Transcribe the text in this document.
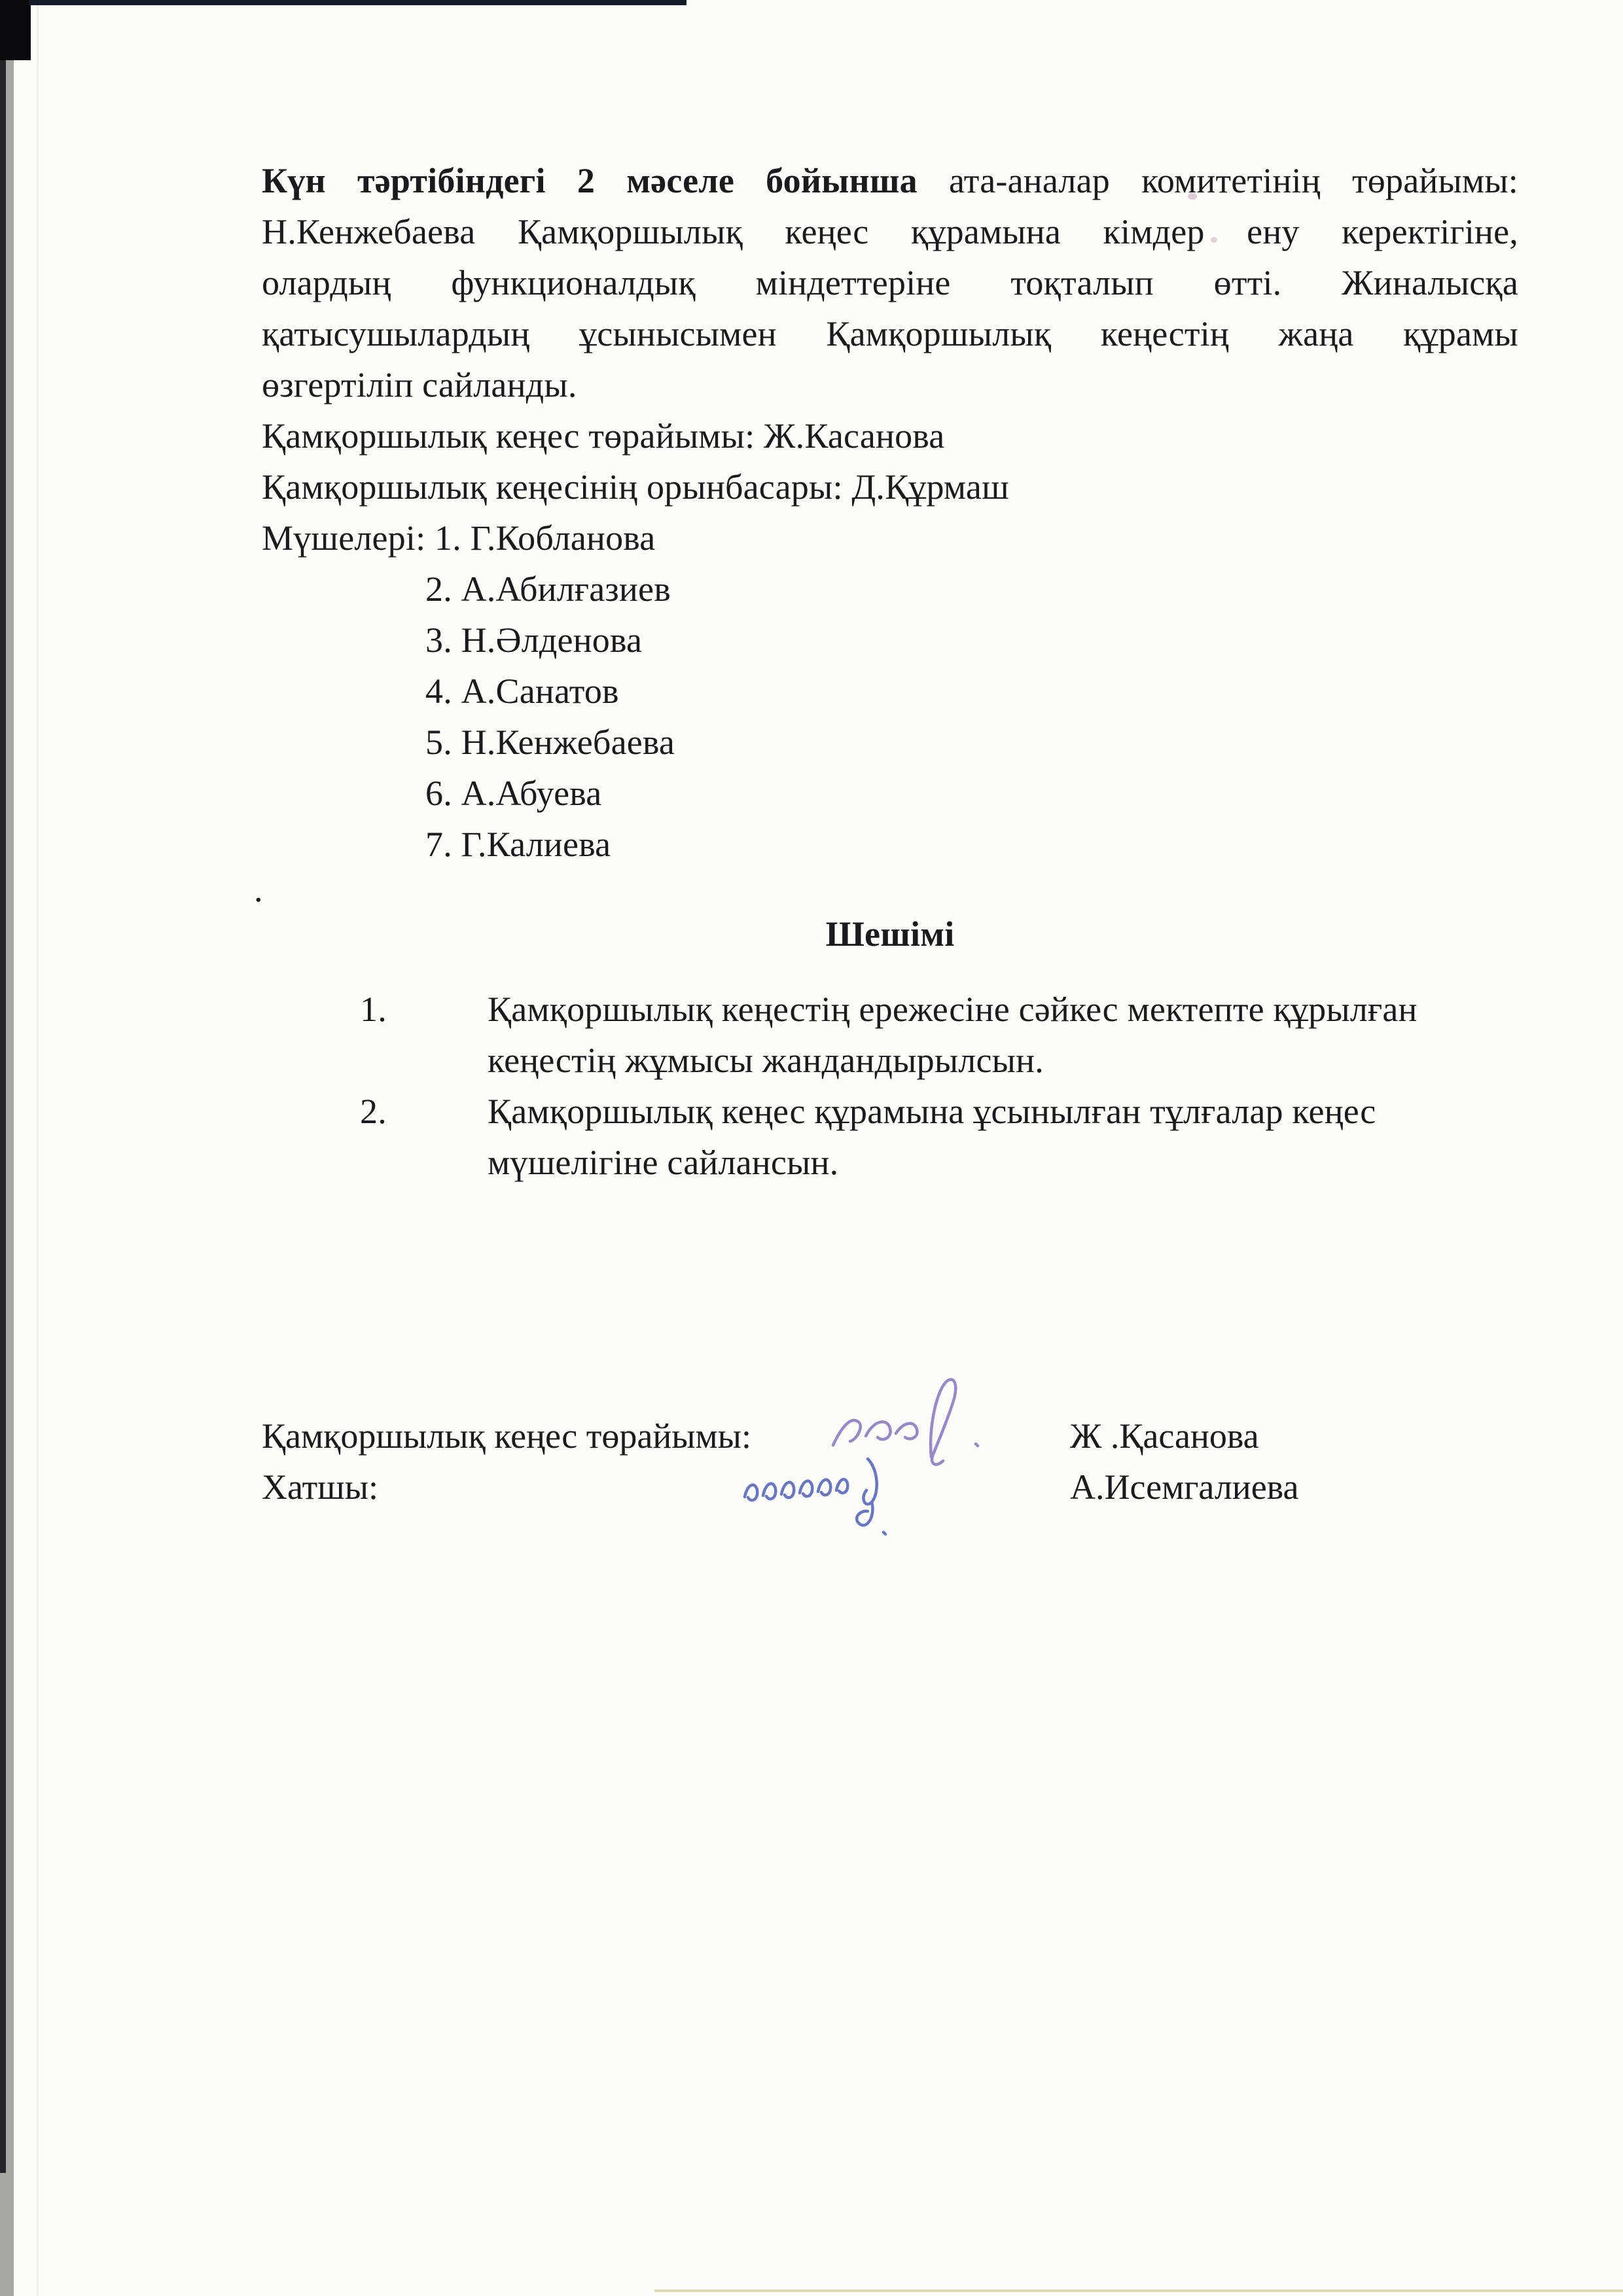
.
Күн тәртібіндегі 2 мәселе бойынша ата-аналар комитетінің төрайымы:
Н.Кенжебаева Қамқоршылық кеңес құрамына кімдер ену керектігіне,
олардың функционалдық міндеттеріне тоқталып өтті. Жиналысқа
қатысушылардың ұсынысымен Қамқоршылық кеңестің жаңа құрамы
өзгертіліп сайланды.
Қамқоршылық кеңес төрайымы: Ж.Касанова
Қамқоршылық кеңесінің орынбасары: Д.Құрмаш
Мүшелері: 1. Г.Кобланова
2. А.Абилғазиев
3. Н.Әлденова
4. А.Санатов
5. Н.Кенжебаева
6. А.Абуева
7. Г.Калиева
Шешімі
1.	Қамқоршылық кеңестің ережесіне сәйкес мектепте құрылған
кеңестің жұмысы жандандырылсын.
2.	Қамқоршылық кеңес құрамына ұсынылған тұлғалар кеңес
мүшелігіне сайлансын.
Қамқоршылық кеңес төрайымы:	Ж .Қасанова
Хатшы:	А.Исемгалиева
